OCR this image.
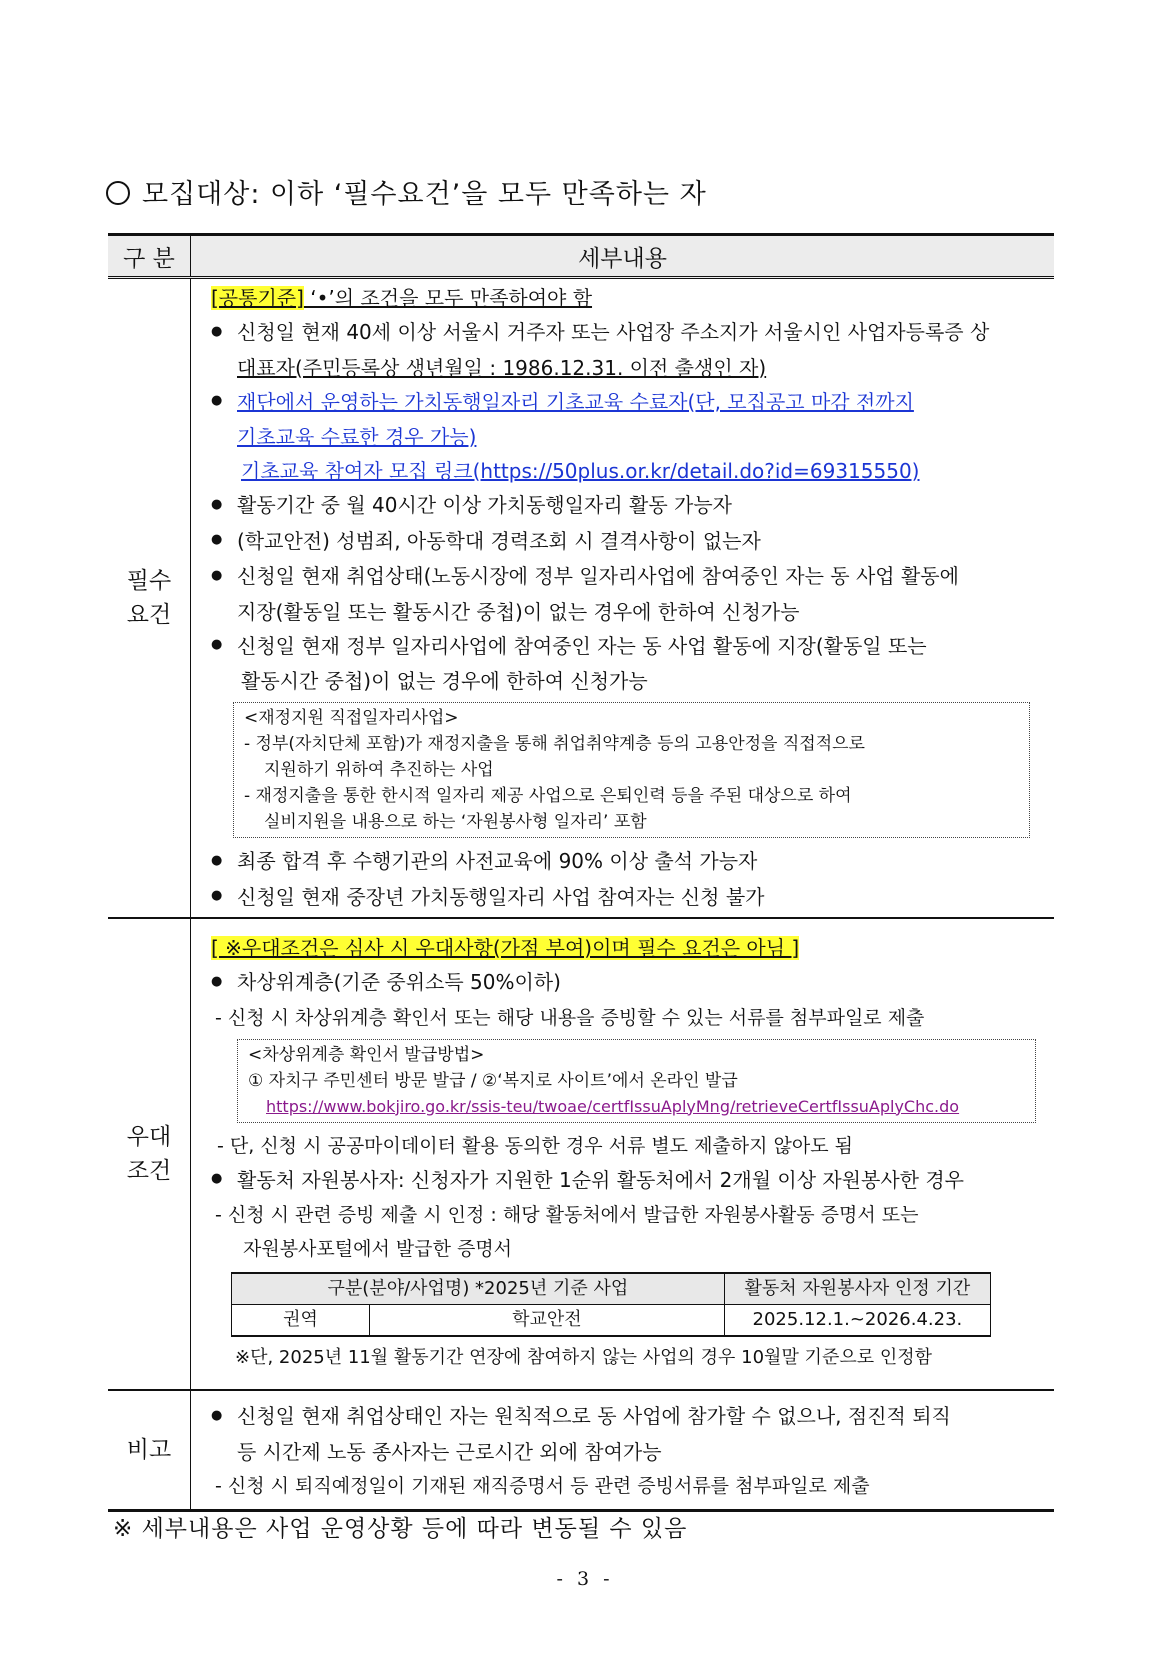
모집대상: 이하 ‘필수요건’을 모두 만족하는 자
구 분	세부내용
필수
요건	
[공통기준] ‘•’의 조건을 모두 만족하여야 함
● 신청일 현재 40세 이상 서울시 거주자 또는 사업장 주소지가 서울시인 사업자등록증 상
대표자(주민등록상 생년월일 : 1986.12.31. 이전 출생인 자)
● 재단에서 운영하는 가치동행일자리 기초교육 수료자(단, 모집공고 마감 전까지
기초교육 수료한 경우 가능)
기초교육 참여자 모집 링크(https://50plus.or.kr/detail.do?id=69315550)
● 활동기간 중 월 40시간 이상 가치동행일자리 활동 가능자
● (학교안전) 성범죄, 아동학대 경력조회 시 결격사항이 없는자
● 신청일 현재 취업상태(노동시장에 정부 일자리사업에 참여중인 자는 동 사업 활동에
지장(활동일 또는 활동시간 중첩)이 없는 경우에 한하여 신청가능
● 신청일 현재 정부 일자리사업에 참여중인 자는 동 사업 활동에 지장(활동일 또는
활동시간 중첩)이 없는 경우에 한하여 신청가능
<재정지원 직접일자리사업>
- 정부(자치단체 포함)가 재정지출을 통해 취업취약계층 등의 고용안정을 직접적으로
지원하기 위하여 추진하는 사업
- 재정지출을 통한 한시적 일자리 제공 사업으로 은퇴인력 등을 주된 대상으로 하여
실비지원을 내용으로 하는 ‘자원봉사형 일자리’ 포함
● 최종 합격 후 수행기관의 사전교육에 90% 이상 출석 가능자
● 신청일 현재 중장년 가치동행일자리 사업 참여자는 신청 불가

우대
조건	
[ ※우대조건은 심사 시 우대사항(가점 부여)이며 필수 요건은 아님 ]
● 차상위계층(기준 중위소득 50%이하)
- 신청 시 차상위계층 확인서 또는 해당 내용을 증빙할 수 있는 서류를 첨부파일로 제출
<차상위계층 확인서 발급방법>
① 자치구 주민센터 방문 발급 / ②‘복지로 사이트’에서 온라인 발급
https://www.bokjiro.go.kr/ssis-teu/twoae/certfIssuAplyMng/retrieveCertfIssuAplyChc.do
- 단, 신청 시 공공마이데이터 활용 동의한 경우 서류 별도 제출하지 않아도 됨
● 활동처 자원봉사자: 신청자가 지원한 1순위 활동처에서 2개월 이상 자원봉사한 경우
- 신청 시 관련 증빙 제출 시 인정 : 해당 활동처에서 발급한 자원봉사활동 증명서 또는
자원봉사포털에서 발급한 증명서
구분(분야/사업명) *2025년 기준 사업	활동처 자원봉사자 인정 기간
권역	학교안전	2025.12.1.~2026.4.23.
※단, 2025년 11월 활동기간 연장에 참여하지 않는 사업의 경우 10월말 기준으로 인정함

비고	
● 신청일 현재 취업상태인 자는 원칙적으로 동 사업에 참가할 수 없으나, 점진적 퇴직
등 시간제 노동 종사자는 근로시간 외에 참여가능
- 신청 시 퇴직예정일이 기재된 재직증명서 등 관련 증빙서류를 첨부파일로 제출
※ 세부내용은 사업 운영상황 등에 따라 변동될 수 있음
- 3 -
